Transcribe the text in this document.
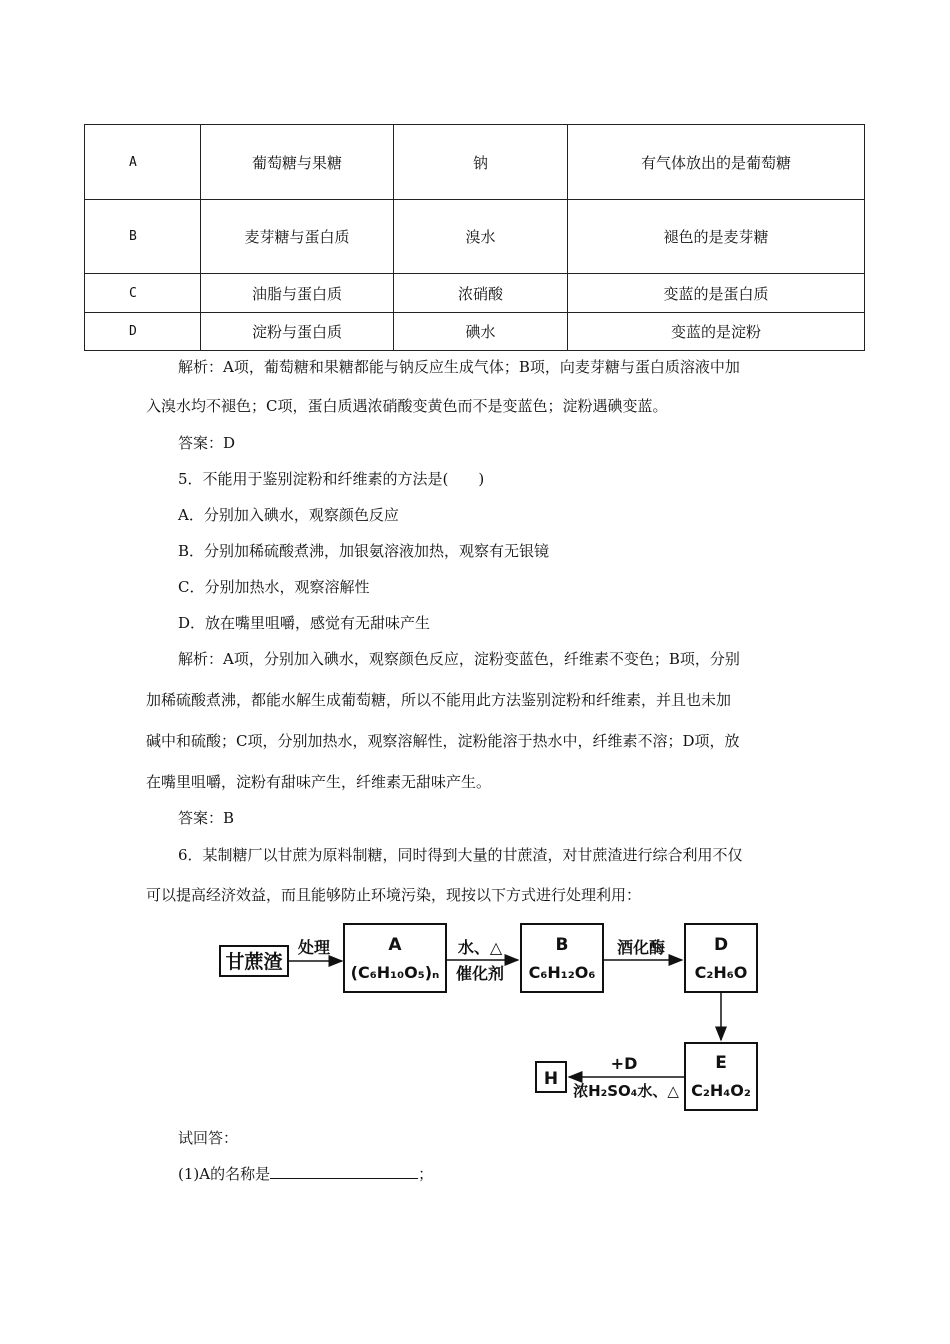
A	葡萄糖与果糖	钠	有气体放出的是葡萄糖
B	麦芽糖与蛋白质	溴水	褪色的是麦芽糖
C	油脂与蛋白质	浓硝酸	变蓝的是蛋白质
D	淀粉与蛋白质	碘水	变蓝的是淀粉
解析：A项，葡萄糖和果糖都能与钠反应生成气体；B项，向麦芽糖与蛋白质溶液中加
入溴水均不褪色；C项，蛋白质遇浓硝酸变黄色而不是变蓝色；淀粉遇碘变蓝。
答案：D
5．不能用于鉴别淀粉和纤维素的方法是(　　)
A．分别加入碘水，观察颜色反应
B．分别加稀硫酸煮沸，加银氨溶液加热，观察有无银镜
C．分别加热水，观察溶解性
D．放在嘴里咀嚼，感觉有无甜味产生
解析：A项，分别加入碘水，观察颜色反应，淀粉变蓝色，纤维素不变色；B项，分别
加稀硫酸煮沸，都能水解生成葡萄糖，所以不能用此方法鉴别淀粉和纤维素，并且也未加
碱中和硫酸；C项，分别加热水，观察溶解性，淀粉能溶于热水中，纤维素不溶；D项，放
在嘴里咀嚼，淀粉有甜味产生，纤维素无甜味产生。
答案：B
6．某制糖厂以甘蔗为原料制糖，同时得到大量的甘蔗渣，对甘蔗渣进行综合利用不仅
可以提高经济效益，而且能够防止环境污染，现按以下方式进行处理利用：
甘蔗渣
处理	A
(C₆H₁₀O₅)ₙ
水、△
催化剂
B
C₆H₁₂O₆
酒化酶	D
C₂H₆O
E
C₂H₄O₂
+D
浓H₂SO₄水、△
H
试回答：
(1)A的名称是	；
